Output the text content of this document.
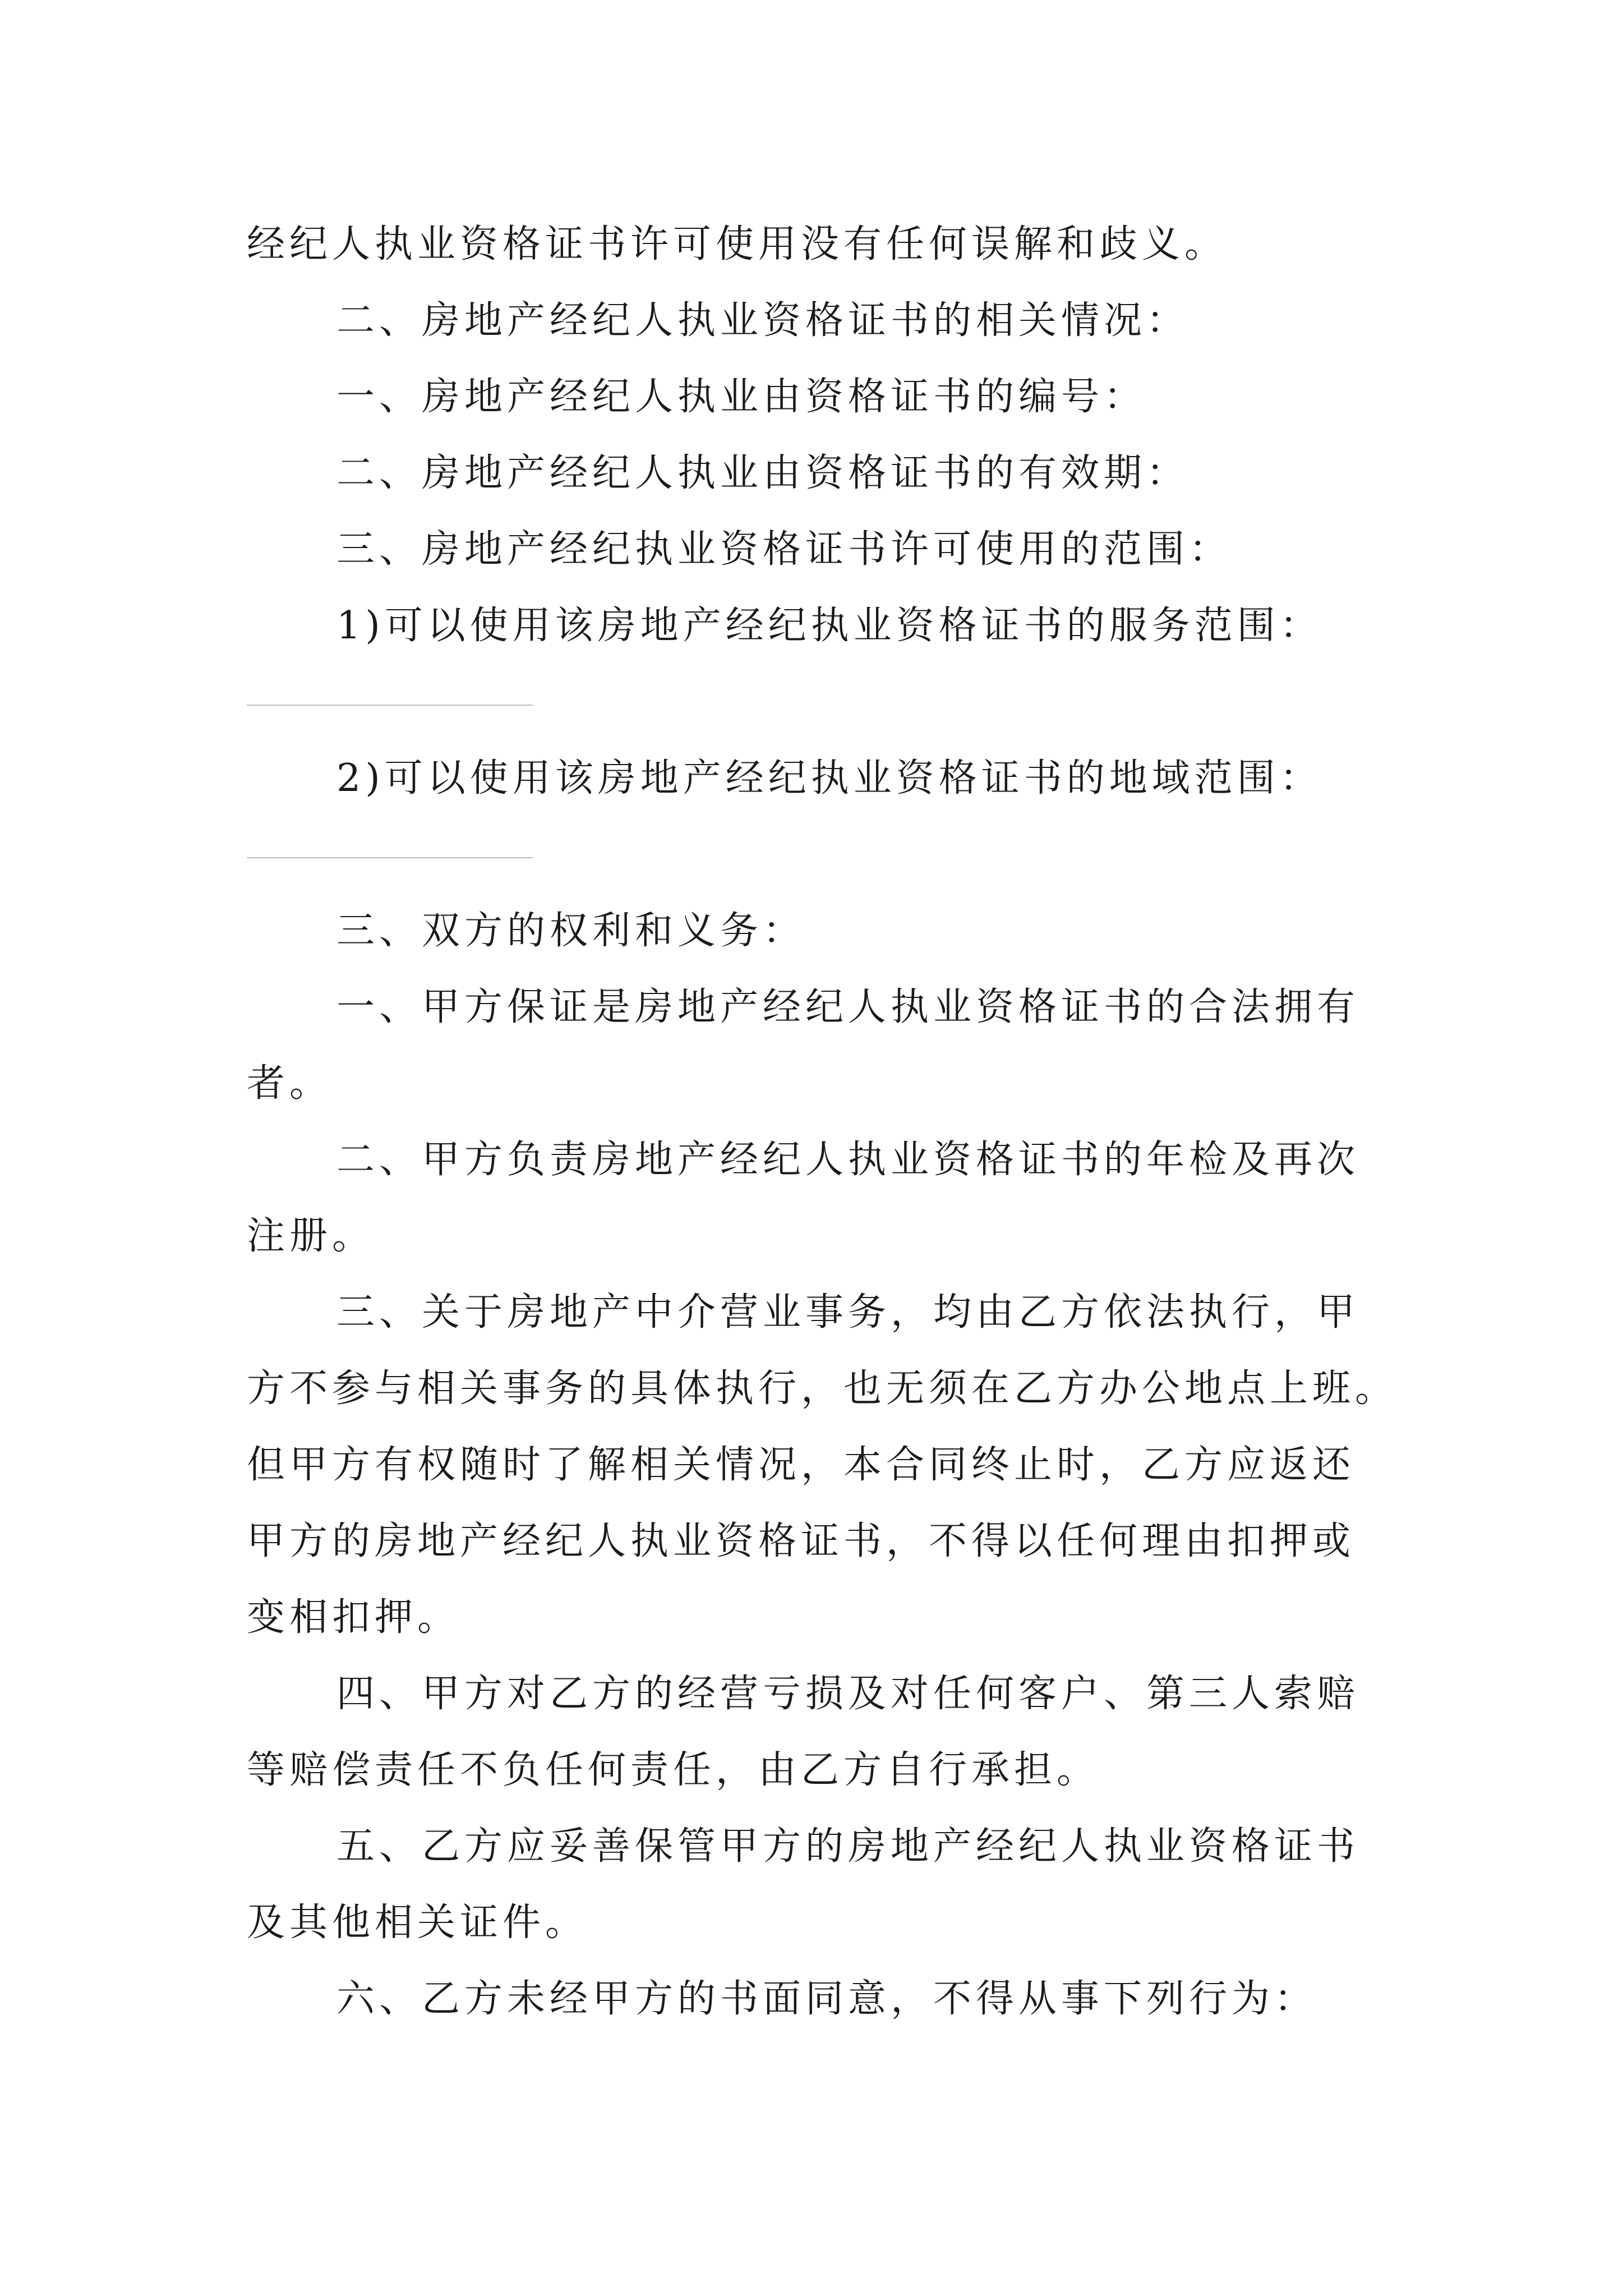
经纪人执业资格证书许可使用没有任何误解和歧义。
二、房地产经纪人执业资格证书的相关情况：
一、房地产经纪人执业由资格证书的编号：
二、房地产经纪人执业由资格证书的有效期：
三、房地产经纪执业资格证书许可使用的范围：
1)可以使用该房地产经纪执业资格证书的服务范围：
2)可以使用该房地产经纪执业资格证书的地域范围：
三、双方的权利和义务：
一、甲方保证是房地产经纪人执业资格证书的合法拥有
者。
二、甲方负责房地产经纪人执业资格证书的年检及再次
注册。
三、关于房地产中介营业事务，均由乙方依法执行，甲
方不参与相关事务的具体执行，也无须在乙方办公地点上班。
但甲方有权随时了解相关情况，本合同终止时，乙方应返还
甲方的房地产经纪人执业资格证书，不得以任何理由扣押或
变相扣押。
四、甲方对乙方的经营亏损及对任何客户、第三人索赔
等赔偿责任不负任何责任，由乙方自行承担。
五、乙方应妥善保管甲方的房地产经纪人执业资格证书
及其他相关证件。
六、乙方未经甲方的书面同意，不得从事下列行为：
